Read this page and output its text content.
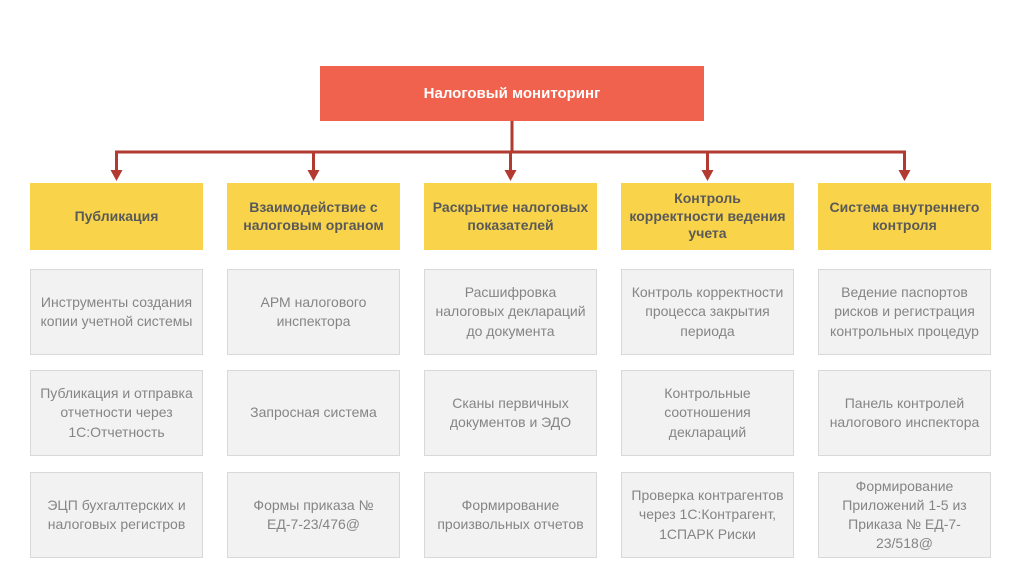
Налоговый мониторинг
Публикация
Взаимодействие с налоговым органом
Раскрытие налоговых показателей
Контроль корректности ведения учета
Система внутреннего контроля
Инструменты создания копии учетной системы
Публикация и отправка отчетности через 1С:Отчетность
ЭЦП бухгалтерских и налоговых регистров
АРМ налогового инспектора
Запросная система
Формы приказа № ЕД-7-23/476@
Расшифровка налоговых деклараций до документа
Сканы первичных документов и ЭДО
Формирование произвольных отчетов
Контроль корректности процесса закрытия периода
Контрольные соотношения деклараций
Проверка контрагентов через 1С:Контрагент, 1СПАРК Риски
Ведение паспортов рисков и регистрация контрольных процедур
Панель контролей налогового инспектора
Формирование Приложений 1-5 из Приказа № ЕД-7-23/518@
